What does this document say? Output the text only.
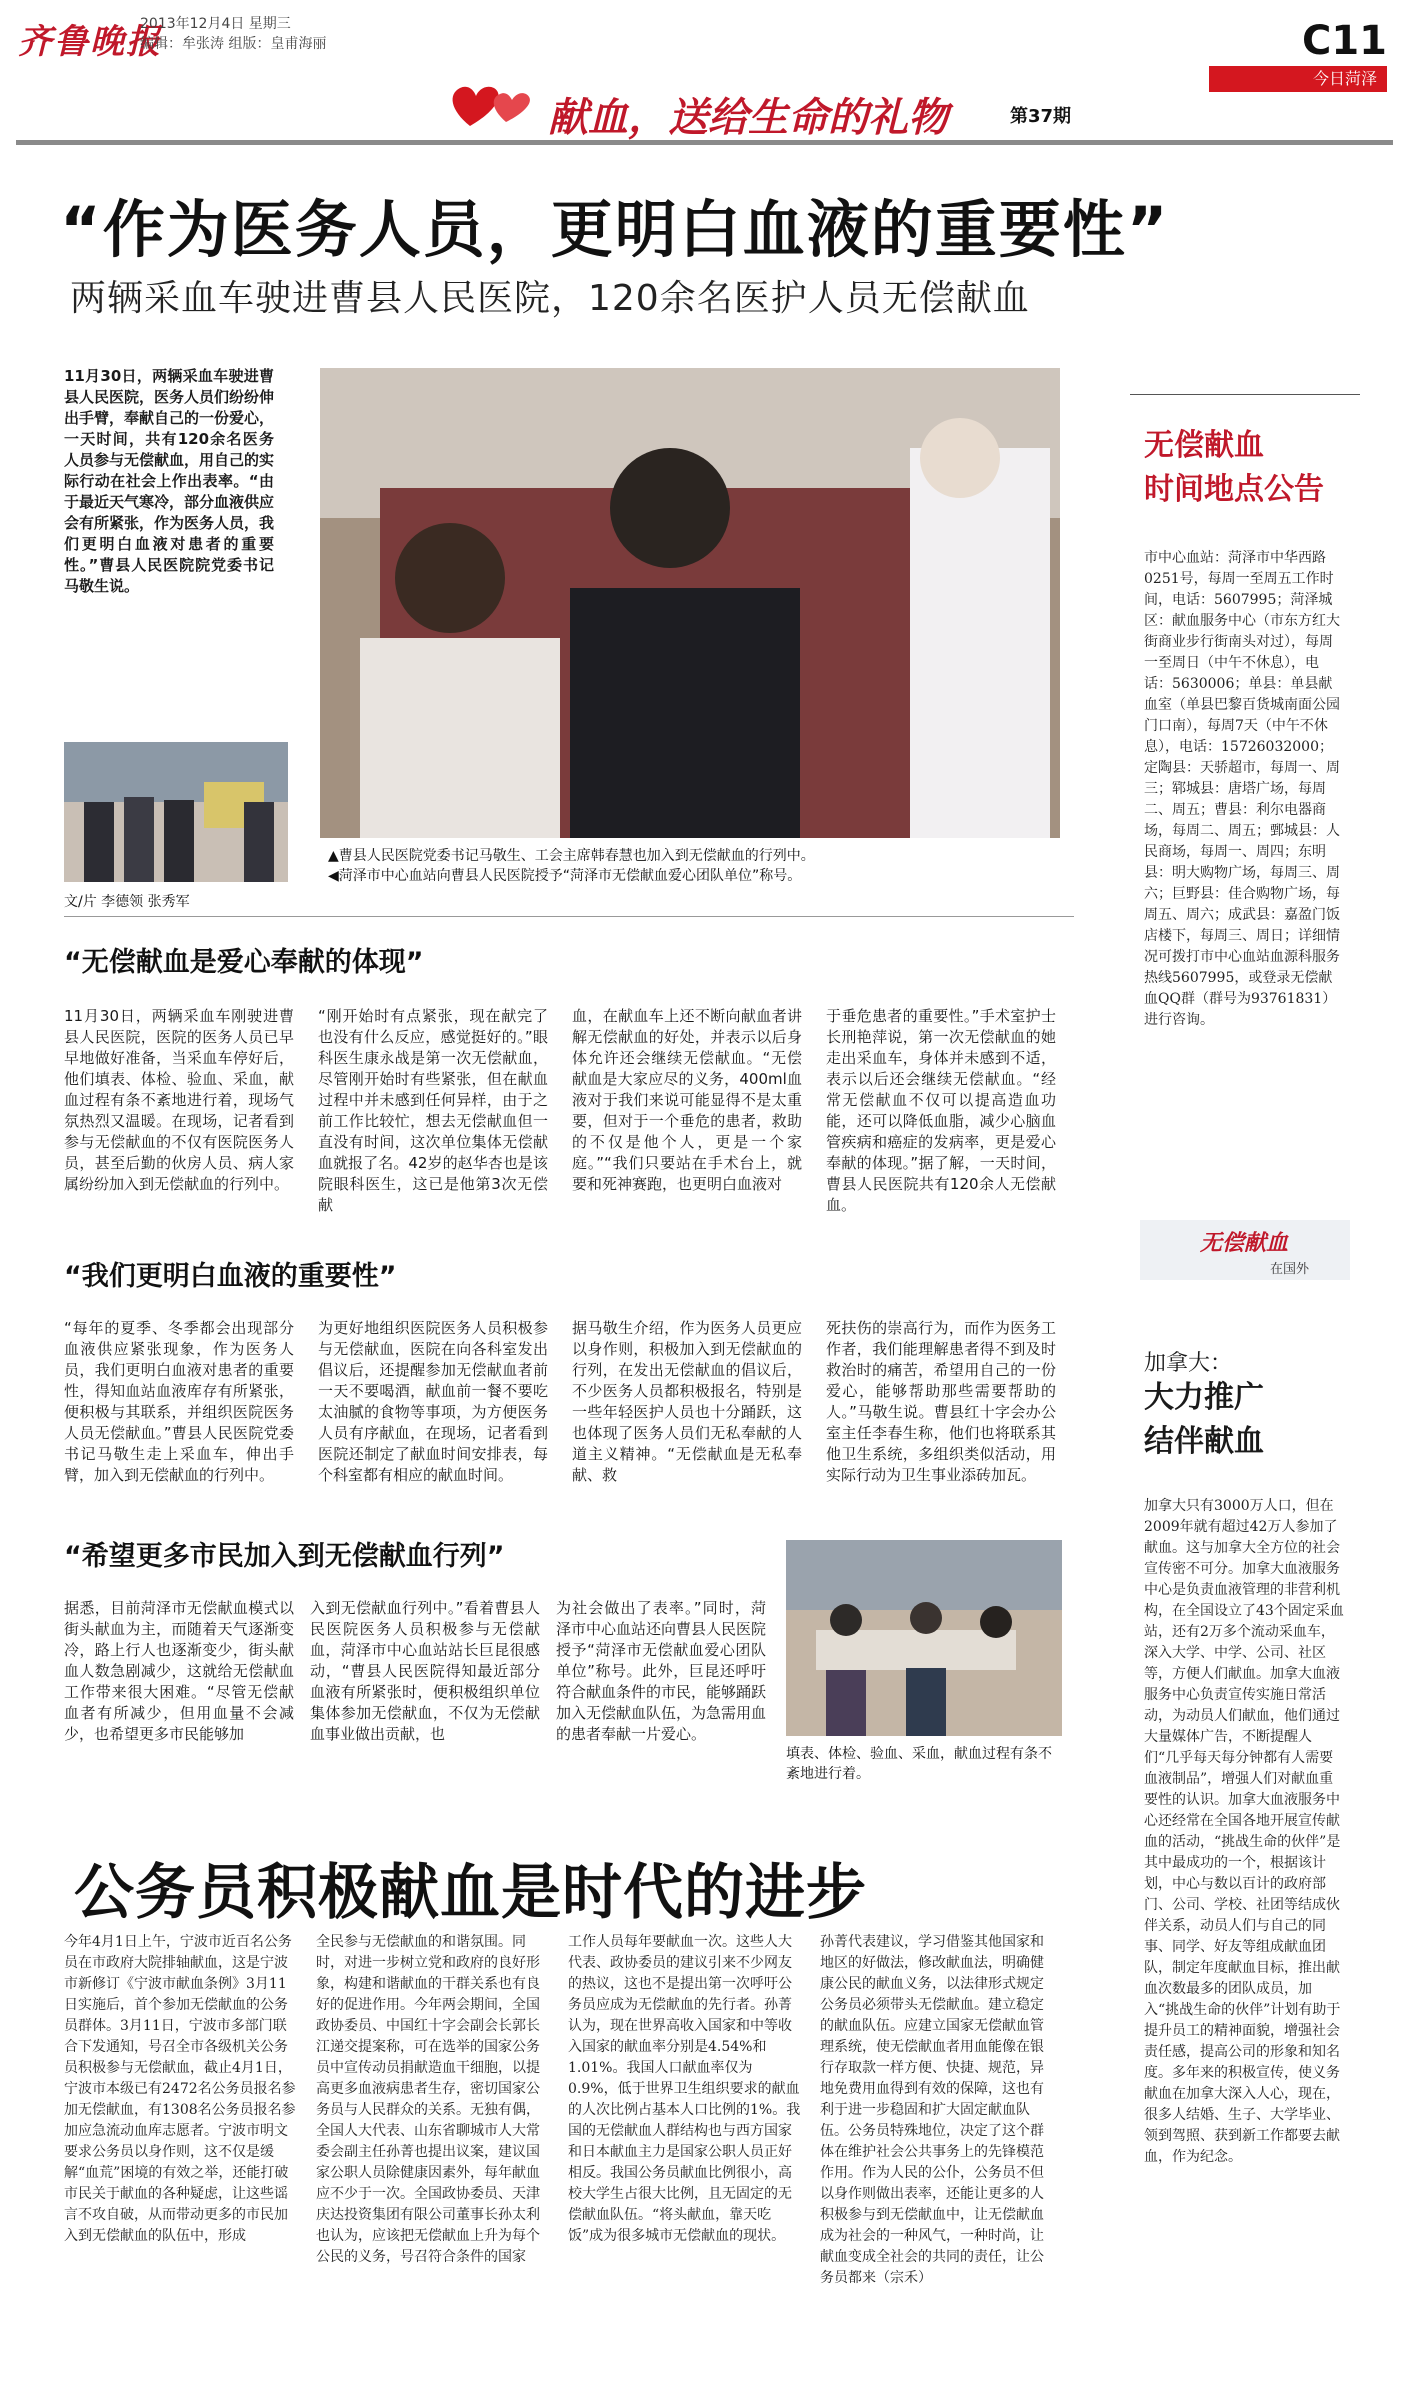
齐鲁晚报
2013年12月4日 星期三
编辑：牟张涛 组版：皇甫海丽	C11
今日菏泽
献血，送给生命的礼物	第37期
“作为医务人员，更明白血液的重要性”
两辆采血车驶进曹县人民医院，120余名医护人员无偿献血
11月30日，两辆采血车驶进曹县人民医院，医务人员们纷纷伸出手臂，奉献自己的一份爱心，一天时间，共有120余名医务人员参与无偿献血，用自己的实际行动在社会上作出表率。“由于最近天气寒冷，部分血液供应会有所紧张，作为医务人员，我们更明白血液对患者的重要性。”曹县人民医院院党委书记马敬生说。
▲曹县人民医院党委书记马敬生、工会主席韩春慧也加入到无偿献血的行列中。
◀菏泽市中心血站向曹县人民医院授予“菏泽市无偿献血爱心团队单位”称号。
文/片 李德领 张秀军
“无偿献血是爱心奉献的体现”
11月30日，两辆采血车刚驶进曹县人民医院，医院的医务人员已早早地做好准备，当采血车停好后，他们填表、体检、验血、采血，献血过程有条不紊地进行着，现场气氛热烈又温暖。在现场，记者看到参与无偿献血的不仅有医院医务人员，甚至后勤的伙房人员、病人家属纷纷加入到无偿献血的行列中。
“刚开始时有点紧张，现在献完了也没有什么反应，感觉挺好的。”眼科医生康永战是第一次无偿献血，尽管刚开始时有些紧张，但在献血过程中并未感到任何异样，由于之前工作比较忙，想去无偿献血但一直没有时间，这次单位集体无偿献血就报了名。42岁的赵华杏也是该院眼科医生，这已是他第3次无偿献
血，在献血车上还不断向献血者讲解无偿献血的好处，并表示以后身体允许还会继续无偿献血。“无偿献血是大家应尽的义务，400ml血液对于我们来说可能显得不是太重要，但对于一个垂危的患者，救助的不仅是他个人，更是一个家庭。”“我们只要站在手术台上，就要和死神赛跑，也更明白血液对
于垂危患者的重要性。”手术室护士长刑艳萍说，第一次无偿献血的她走出采血车，身体并未感到不适，表示以后还会继续无偿献血。“经常无偿献血不仅可以提高造血功能，还可以降低血脂，减少心脑血管疾病和癌症的发病率，更是爱心奉献的体现。”据了解，一天时间，曹县人民医院共有120余人无偿献血。
“我们更明白血液的重要性”
“每年的夏季、冬季都会出现部分血液供应紧张现象，作为医务人员，我们更明白血液对患者的重要性，得知血站血液库存有所紧张，便积极与其联系，并组织医院医务人员无偿献血。”曹县人民医院党委书记马敬生走上采血车，伸出手臂，加入到无偿献血的行列中。
为更好地组织医院医务人员积极参与无偿献血，医院在向各科室发出倡议后，还提醒参加无偿献血者前一天不要喝酒，献血前一餐不要吃太油腻的食物等事项，为方便医务人员有序献血，在现场，记者看到医院还制定了献血时间安排表，每个科室都有相应的献血时间。
据马敬生介绍，作为医务人员更应以身作则，积极加入到无偿献血的行列，在发出无偿献血的倡议后，不少医务人员都积极报名，特别是一些年轻医护人员也十分踊跃，这也体现了医务人员们无私奉献的人道主义精神。“无偿献血是无私奉献、救
死扶伤的崇高行为，而作为医务工作者，我们能理解患者得不到及时救治时的痛苦，希望用自己的一份爱心，能够帮助那些需要帮助的人。”马敬生说。曹县红十字会办公室主任李春生称，他们也将联系其他卫生系统，多组织类似活动，用实际行动为卫生事业添砖加瓦。
“希望更多市民加入到无偿献血行列”
据悉，目前菏泽市无偿献血模式以街头献血为主，而随着天气逐渐变冷，路上行人也逐渐变少，街头献血人数急剧减少，这就给无偿献血工作带来很大困难。“尽管无偿献血者有所减少，但用血量不会减少，也希望更多市民能够加
入到无偿献血行列中。”看着曹县人民医院医务人员积极参与无偿献血，菏泽市中心血站站长巨昆很感动，“曹县人民医院得知最近部分血液有所紧张时，便积极组织单位集体参加无偿献血，不仅为无偿献血事业做出贡献，也
为社会做出了表率。”同时，菏泽市中心血站还向曹县人民医院授予“菏泽市无偿献血爱心团队单位”称号。此外，巨昆还呼吁符合献血条件的市民，能够踊跃加入无偿献血队伍，为急需用血的患者奉献一片爱心。
填表、体检、验血、采血，献血过程有条不紊地进行着。
无偿献血
时间地点公告
市中心血站：菏泽市中华西路0251号，每周一至周五工作时间，电话：5607995；菏泽城区：献血服务中心（市东方红大街商业步行街南头对过），每周一至周日（中午不休息），电话：5630006；单县：单县献血室（单县巴黎百货城南面公园门口南），每周7天（中午不休息），电话：15726032000；定陶县：天骄超市，每周一、周三；郓城县：唐塔广场，每周二、周五；曹县：利尔电器商场，每周二、周五；鄄城县：人民商场，每周一、周四；东明县：明大购物广场，每周三、周六；巨野县：佳合购物广场，每周五、周六；成武县：嘉盈门饭店楼下，每周三、周日；详细情况可拨打市中心血站血源科服务热线5607995，或登录无偿献血QQ群（群号为93761831）进行咨询。
无偿献血
在国外
加拿大：
大力推广
结伴献血
加拿大只有3000万人口，但在2009年就有超过42万人参加了献血。这与加拿大全方位的社会宣传密不可分。加拿大血液服务中心是负责血液管理的非营利机构，在全国设立了43个固定采血站，还有2万多个流动采血车，深入大学、中学、公司、社区等，方便人们献血。加拿大血液服务中心负责宣传实施日常活动，为动员人们献血，他们通过大量媒体广告，不断提醒人们“几乎每天每分钟都有人需要血液制品”，增强人们对献血重要性的认识。加拿大血液服务中心还经常在全国各地开展宣传献血的活动，“挑战生命的伙伴”是其中最成功的一个，根据该计划，中心与数以百计的政府部门、公司、学校、社团等结成伙伴关系，动员人们与自己的同事、同学、好友等组成献血团队，制定年度献血目标，推出献血次数最多的团队成员，加入“挑战生命的伙伴”计划有助于提升员工的精神面貌，增强社会责任感，提高公司的形象和知名度。多年来的积极宣传，使义务献血在加拿大深入人心，现在，很多人结婚、生子、大学毕业、领到驾照、获到新工作都要去献血，作为纪念。
公务员积极献血是时代的进步
今年4月1日上午，宁波市近百名公务员在市政府大院排轴献血，这是宁波市新修订《宁波市献血条例》3月11日实施后，首个参加无偿献血的公务员群体。3月11日，宁波市多部门联合下发通知，号召全市各级机关公务员积极参与无偿献血，截止4月1日，宁波市本级已有2472名公务员报名参加无偿献血，有1308名公务员报名参加应急流动血库志愿者。宁波市明文要求公务员以身作则，这不仅是缓解“血荒”困境的有效之举，还能打破市民关于献血的各种疑虑，让这些谣言不攻自破，从而带动更多的市民加入到无偿献血的队伍中，形成
全民参与无偿献血的和谐氛围。同时，对进一步树立党和政府的良好形象，构建和谐献血的干群关系也有良好的促进作用。今年两会期间，全国政协委员、中国红十字会副会长郭长江递交提案称，可在选举的国家公务员中宣传动员捐献造血干细胞，以提高更多血液病患者生存，密切国家公务员与人民群众的关系。无独有偶，全国人大代表、山东省聊城市人大常委会副主任孙菁也提出议案，建议国家公职人员除健康因素外，每年献血应不少于一次。全国政协委员、天津庆达投资集团有限公司董事长孙太利也认为，应该把无偿献血上升为每个公民的义务，号召符合条件的国家
工作人员每年要献血一次。这些人大代表、政协委员的建议引来不少网友的热议，这也不是提出第一次呼吁公务员应成为无偿献血的先行者。孙菁认为，现在世界高收入国家和中等收入国家的献血率分别是4.54%和1.01%。我国人口献血率仅为0.9%，低于世界卫生组织要求的献血的人次比例占基本人口比例的1%。我国的无偿献血人群结构也与西方国家和日本献血主力是国家公职人员正好相反。我国公务员献血比例很小，高校大学生占很大比例，且无固定的无偿献血队伍。“将头献血，靠天吃饭”成为很多城市无偿献血的现状。
孙菁代表建议，学习借鉴其他国家和地区的好做法，修改献血法，明确健康公民的献血义务，以法律形式规定公务员必须带头无偿献血。建立稳定的献血队伍。应建立国家无偿献血管理系统，使无偿献血者用血能像在银行存取款一样方便、快捷、规范，异地免费用血得到有效的保障，这也有利于进一步稳固和扩大固定献血队伍。公务员特殊地位，决定了这个群体在维护社会公共事务上的先锋模范作用。作为人民的公仆，公务员不但以身作则做出表率，还能让更多的人积极参与到无偿献血中，让无偿献血成为社会的一种风气，一种时尚，让献血变成全社会的共同的责任，让公务员都来（宗禾）
